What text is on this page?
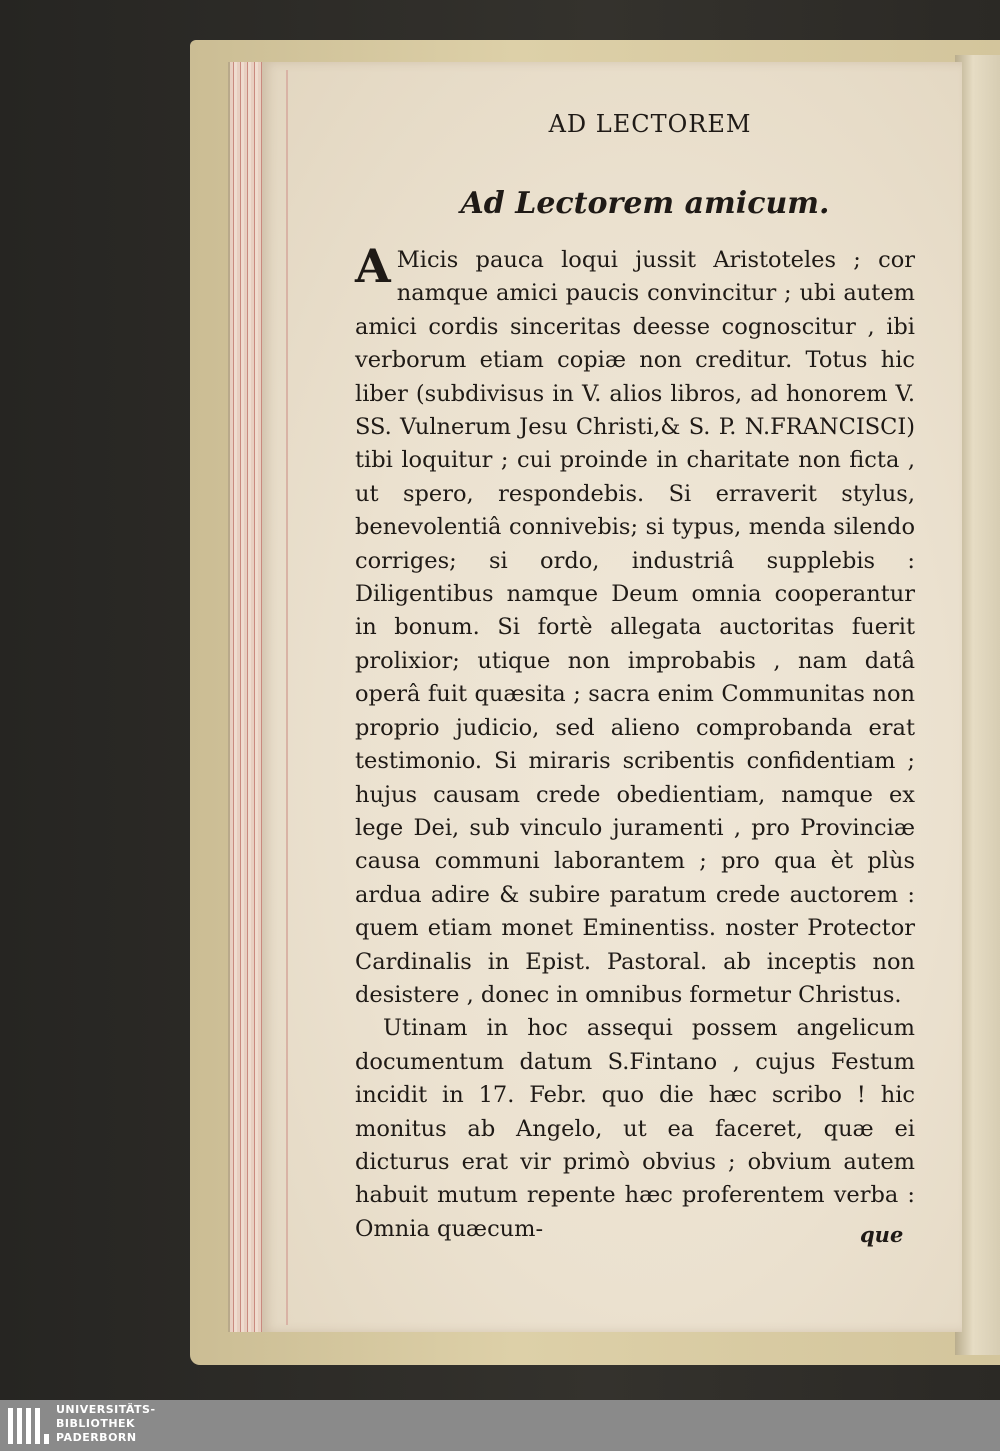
AD LECTOREM
Ad Lectorem amicum.

A Micis pauca loqui jussit Aristoteles ; cor namque amici paucis convincitur ; ubi autem amici cordis sinceritas deesse cognoscitur , ibi verborum etiam copiæ non creditur. Totus hic liber (subdivisus in V. alios libros, ad honorem V. SS. Vulnerum Jesu Christi,& S. P. N.FRANCISCI) tibi loquitur ; cui proinde in charitate non ficta , ut spero, respondebis. Si erraverit stylus, benevolentiâ connivebis; si typus, menda silendo corriges; si ordo, industriâ supplebis : Diligentibus namque Deum omnia cooperantur in bonum. Si fortè allegata auctoritas fuerit prolixior; utique non improbabis , nam datâ operâ fuit quæsita ; sacra enim Communitas non proprio judicio, sed alieno comprobanda erat testimonio. Si miraris scribentis confidentiam ; hujus causam crede obedientiam, namque ex lege Dei, sub vinculo juramenti , pro Provinciæ causa communi laborantem ; pro qua èt plùs ardua adire & subire paratum crede auctorem : quem etiam monet Eminentiss. noster Protector Cardinalis in Epist. Pastoral. ab inceptis non desistere , donec in omnibus formetur Christus.

Utinam in hoc assequi possem angelicum documentum datum S.Fintano , cujus Festum incidit in 17. Febr. quo die hæc scribo ! hic monitus ab Angelo, ut ea faceret, quæ ei dicturus erat vir primò obvius ; obvium autem habuit mutum repente hæc proferentem verba : Omnia quæcum-	que
UNIVERSITÄTS-
BIBLIOTHEK
PADERBORN
